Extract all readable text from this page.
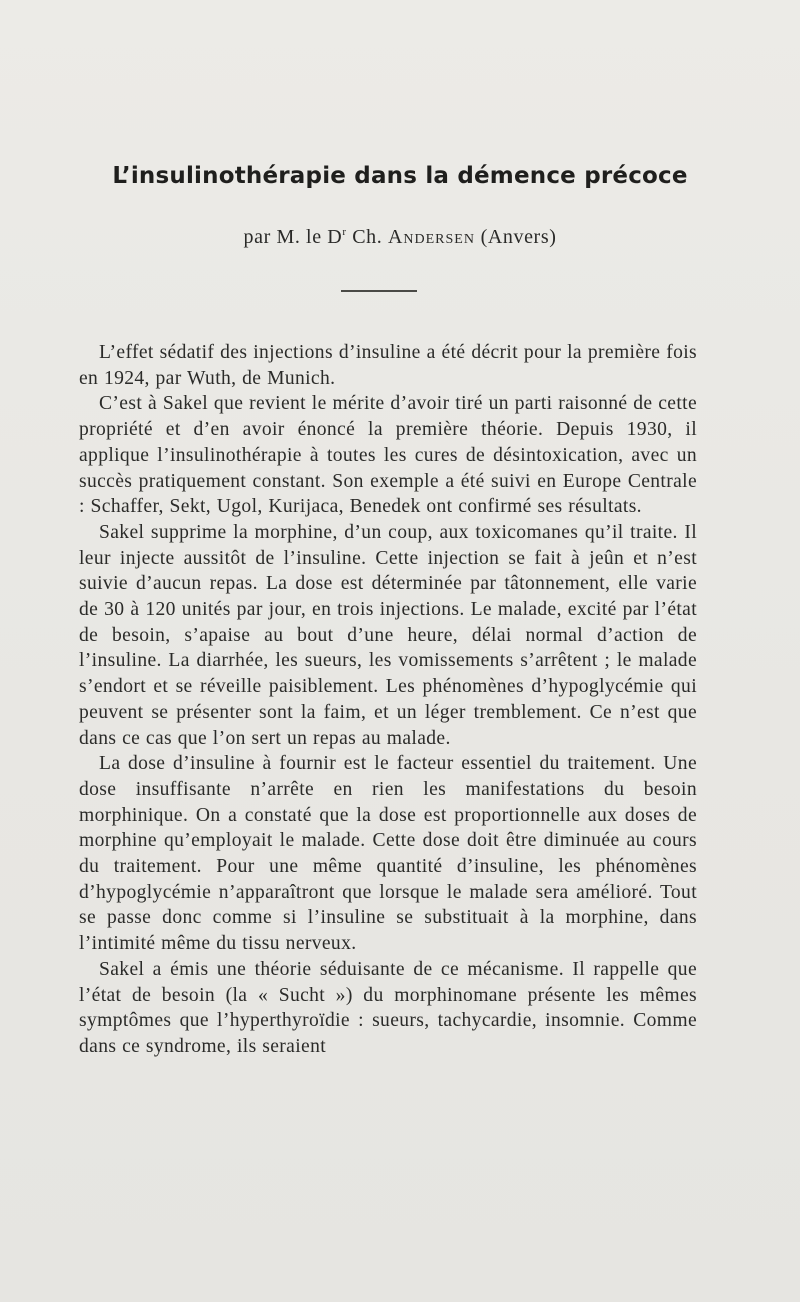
L’insulinothérapie dans la démence précoce
par M. le $D^r$ Ch. Andersen (Anvers)

L’effet sédatif des injections d’insuline a été décrit pour la première fois en 1924, par Wuth, de Munich.

C’est à Sakel que revient le mérite d’avoir tiré un parti raisonné de cette propriété et d’en avoir énoncé la première théorie. Depuis 1930, il applique l’insulinothérapie à toutes les cures de désintoxication, avec un succès pratiquement constant. Son exemple a été suivi en Europe Centrale : Schaffer, Sekt, Ugol, Kurijaca, Benedek ont confirmé ses résultats.

Sakel supprime la morphine, d’un coup, aux toxicomanes qu’il traite. Il leur injecte aussitôt de l’insuline. Cette injection se fait à jeûn et n’est suivie d’aucun repas. La dose est déterminée par tâtonnement, elle varie de 30 à 120 unités par jour, en trois injections. Le malade, excité par l’état de besoin, s’apaise au bout d’une heure, délai normal d’action de l’insuline. La diarrhée, les sueurs, les vomissements s’arrêtent ; le malade s’endort et se réveille paisiblement. Les phénomènes d’hypoglycémie qui peuvent se présenter sont la faim, et un léger tremblement. Ce n’est que dans ce cas que l’on sert un repas au malade.

La dose d’insuline à fournir est le facteur essentiel du traitement. Une dose insuffisante n’arrête en rien les manifestations du besoin morphinique. On a constaté que la dose est proportionnelle aux doses de morphine qu’employait le malade. Cette dose doit être diminuée au cours du traitement. Pour une même quantité d’insuline, les phénomènes d’hypoglycémie n’apparaîtront que lorsque le malade sera amélioré. Tout se passe donc comme si l’insuline se substituait à la morphine, dans l’intimité même du tissu nerveux.

Sakel a émis une théorie séduisante de ce mécanisme. Il rappelle que l’état de besoin (la « Sucht ») du morphinomane présente les mêmes symptômes que l’hyperthyroïdie : sueurs, tachycardie, insomnie. Comme dans ce syndrome, ils seraient
